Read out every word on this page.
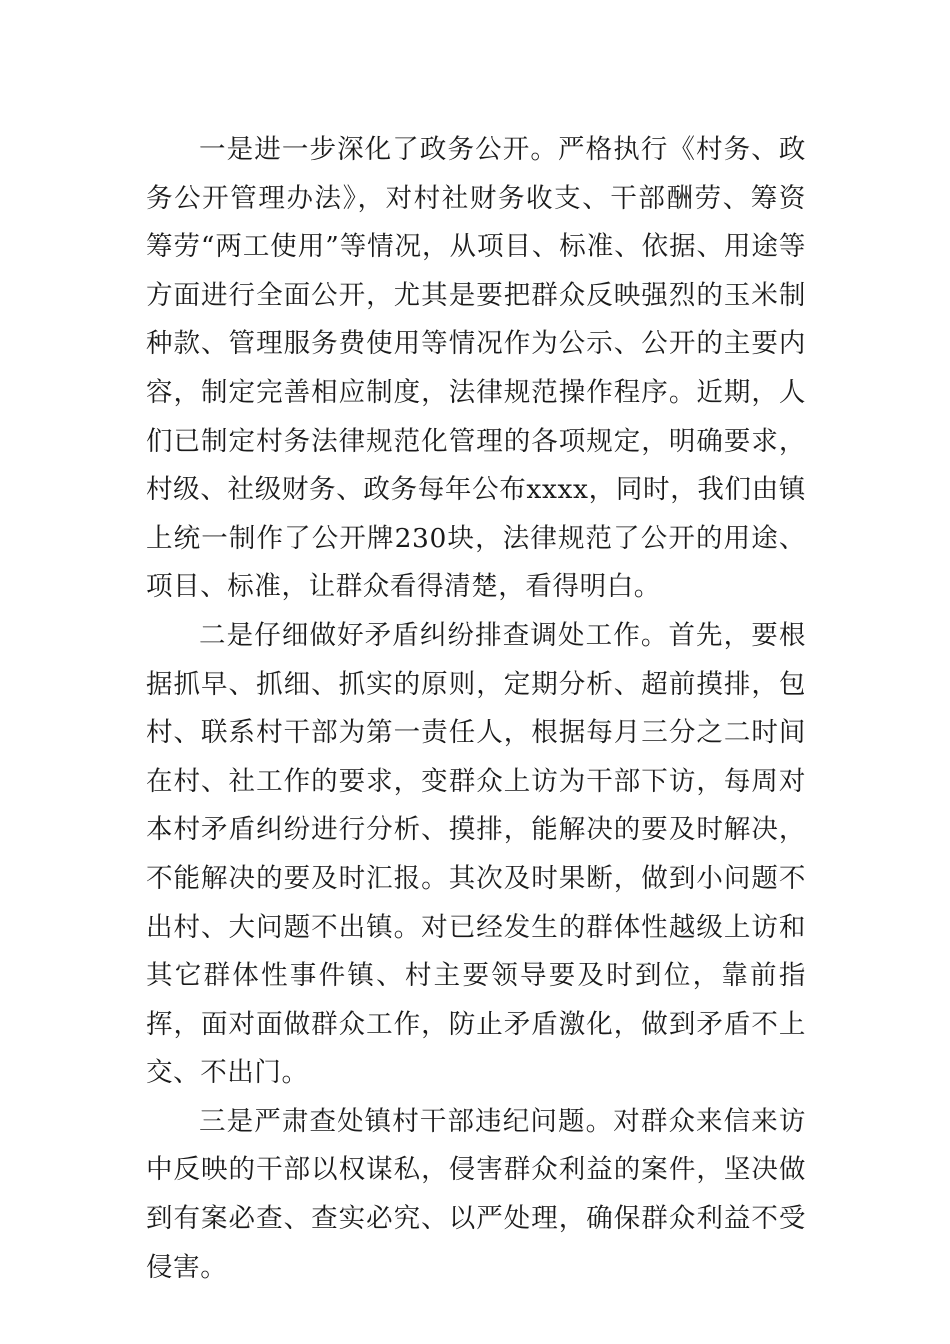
一是进一步深化了政务公开。严格执行《村务、政务公开管理办法》，对村社财务收支、干部酬劳、筹资筹劳“两工使用”等情况，从项目、标准、依据、用途等方面进行全面公开，尤其是要把群众反映强烈的玉米制种款、管理服务费使用等情况作为公示、公开的主要内容，制定完善相应制度，法律规范操作程序。近期，人们已制定村务法律规范化管理的各项规定，明确要求，村级、社级财务、政务每年公布xxxx，同时，我们由镇上统一制作了公开牌230块，法律规范了公开的用途、项目、标准，让群众看得清楚，看得明白。

二是仔细做好矛盾纠纷排查调处工作。首先，要根据抓早、抓细、抓实的原则，定期分析、超前摸排，包村、联系村干部为第一责任人，根据每月三分之二时间在村、社工作的要求，变群众上访为干部下访，每周对本村矛盾纠纷进行分析、摸排，能解决的要及时解决，不能解决的要及时汇报。其次及时果断，做到小问题不出村、大问题不出镇。对已经发生的群体性越级上访和其它群体性事件镇、村主要领导要及时到位，靠前指挥，面对面做群众工作，防止矛盾激化，做到矛盾不上交、不出门。

三是严肃查处镇村干部违纪问题。对群众来信来访中反映的干部以权谋私，侵害群众利益的案件，坚决做到有案必查、查实必究、以严处理，确保群众利益不受侵害。
